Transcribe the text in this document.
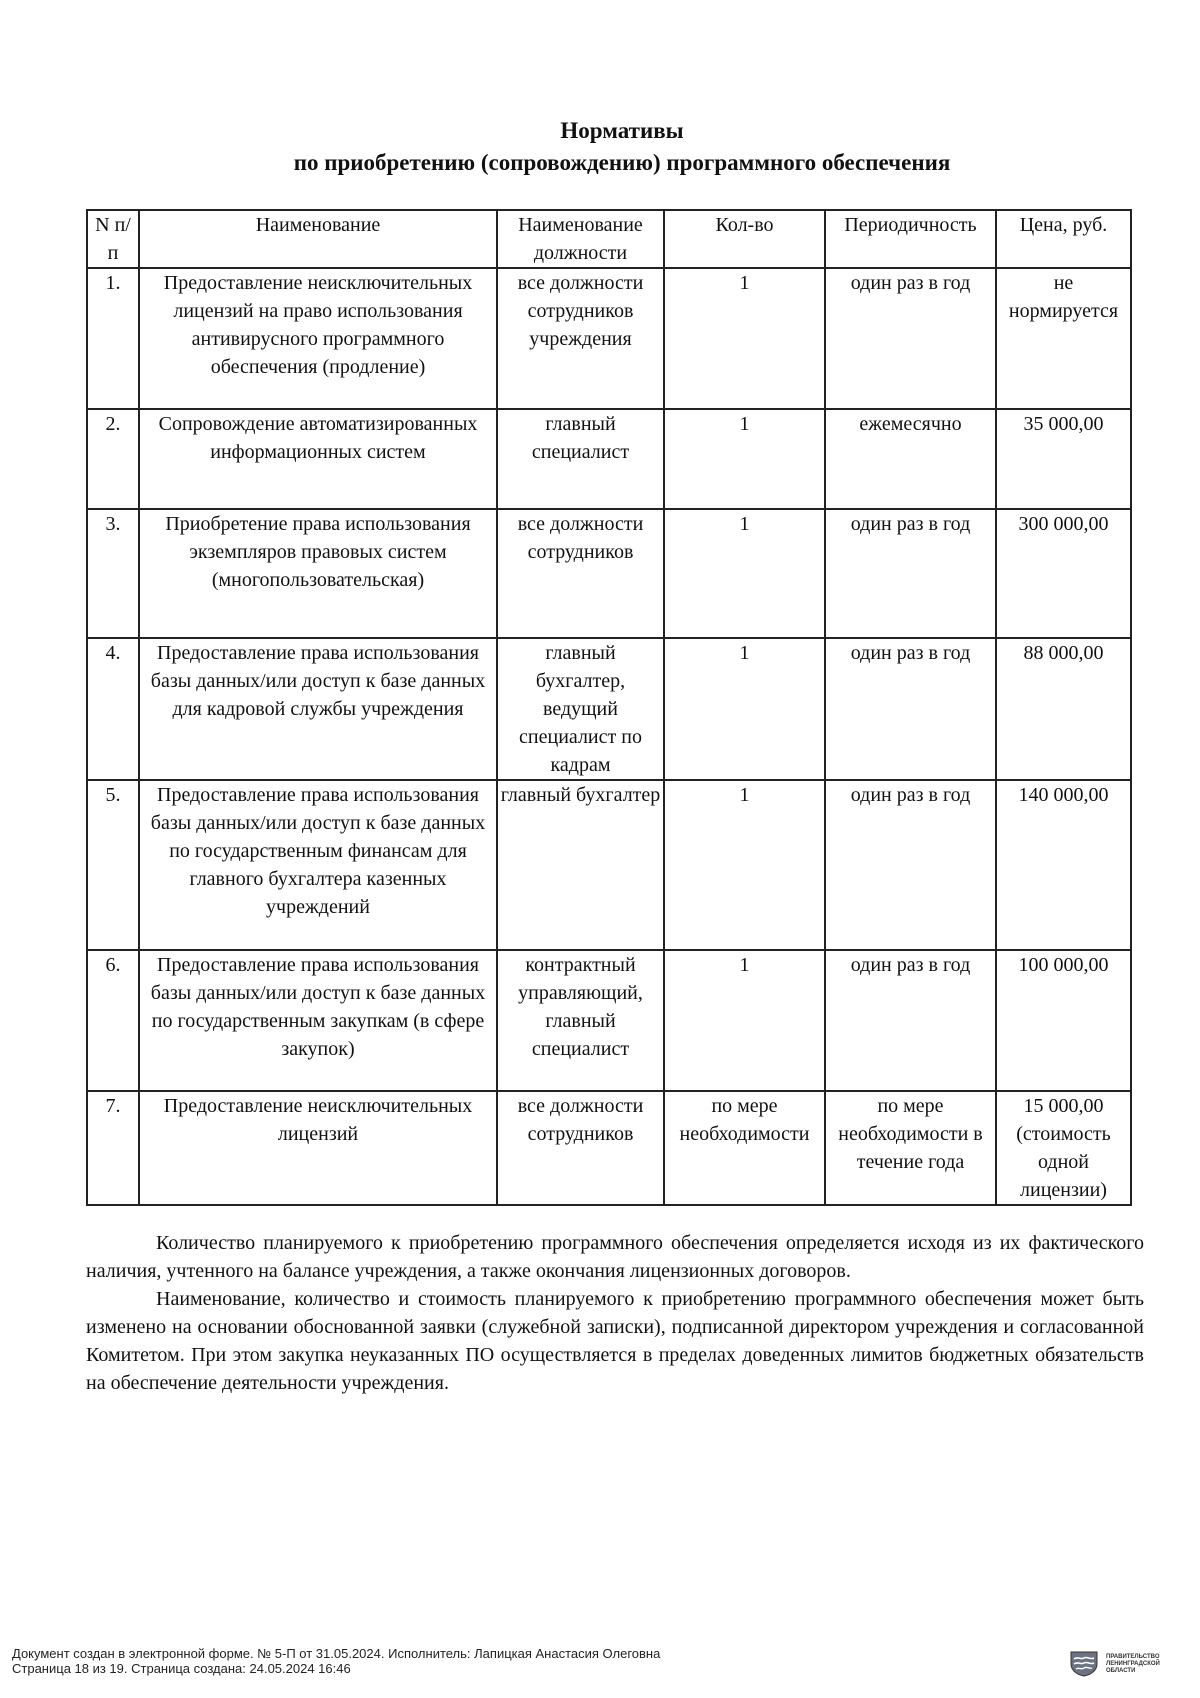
Нормативы
по приобретению (сопровождению) программного обеспечения
N п/п	Наименование	Наименование должности	Кол-во	Периодичность	Цена, руб.
1.	Предоставление неисключительных лицензий на право использования антивирусного программного обеспечения (продление)	все должности сотрудников учреждения	1	один раз в год	не нормируется
2.	Сопровождение автоматизированных информационных систем	главный специалист	1	ежемесячно	35 000,00
3.	Приобретение права использования экземпляров правовых систем (многопользовательская)	все должности сотрудников	1	один раз в год	300 000,00
4.	Предоставление права использования базы данных/или доступ к базе данных для кадровой службы учреждения	главный бухгалтер, ведущий специалист по кадрам	1	один раз в год	88 000,00
5.	Предоставление права использования базы данных/или доступ к базе данных по государственным финансам для главного бухгалтера казенных учреждений	главный бухгалтер	1	один раз в год	140 000,00
6.	Предоставление права использования базы данных/или доступ к базе данных по государственным закупкам (в сфере закупок)	контрактный управляющий, главный специалист	1	один раз в год	100 000,00
7.	Предоставление неисключительных лицензий	все должности сотрудников	по мере необходимости	по мере необходимости в течение года	15 000,00 (стоимость одной лицензии)

Количество планируемого к приобретению программного обеспечения определяется исходя из их фактического наличия, учтенного на балансе учреждения, а также окончания лицензионных договоров.

Наименование, количество и стоимость планируемого к приобретению программного обеспечения может быть изменено на основании обоснованной заявки (служебной записки), подписанной директором учреждения и согласованной Комитетом. При этом закупка неуказанных ПО осуществляется в пределах доведенных лимитов бюджетных обязательств на обеспечение деятельности учреждения.

Документ создан в электронной форме. № 5-П от 31.05.2024. Исполнитель: Лапицкая Анастасия Олеговна
Страница 18 из 19. Страница создана: 24.05.2024 16:46
ПРАВИТЕЛЬСТВО
ЛЕНИНГРАДСКОЙ
ОБЛАСТИ
